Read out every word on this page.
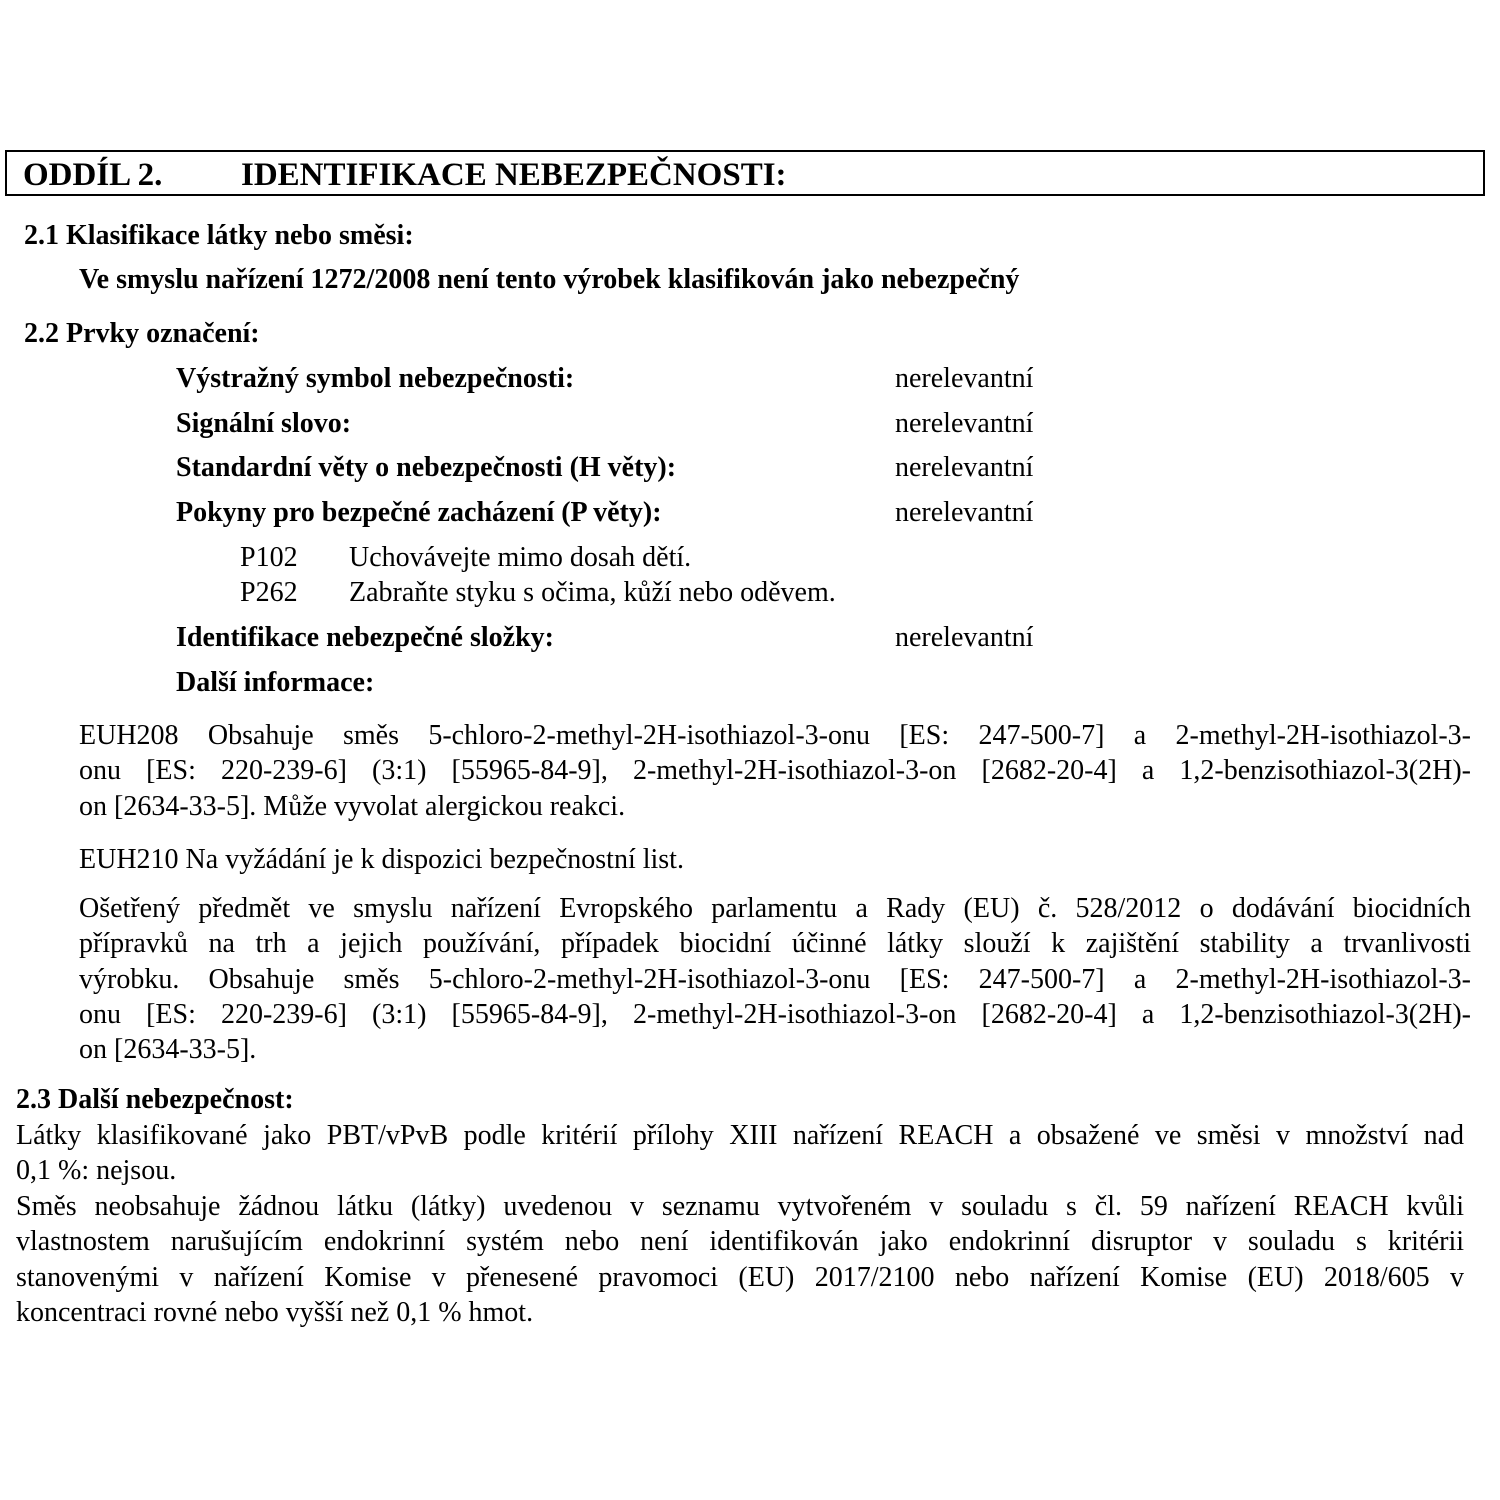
ODDÍL 2. IDENTIFIKACE NEBEZPEČNOSTI:
2.1 Klasifikace látky nebo směsi:
Ve smyslu nařízení 1272/2008 není tento výrobek klasifikován jako nebezpečný
2.2 Prvky označení:
Výstražný symbol nebezpečnosti:	nerelevantní
Signální slovo:	nerelevantní
Standardní věty o nebezpečnosti (H věty):	nerelevantní
Pokyny pro bezpečné zacházení (P věty):	nerelevantní
P102 Uchovávejte mimo dosah dětí.
P262 Zabraňte styku s očima, kůží nebo oděvem.
Identifikace nebezpečné složky:	nerelevantní
Další informace:
EUH208 Obsahuje směs 5-chloro-2-methyl-2H-isothiazol-3-onu [ES: 247-500-7] a 2-methyl-2H-isothiazol-3-
onu [ES: 220-239-6] (3:1) [55965-84-9], 2-methyl-2H-isothiazol-3-on [2682-20-4] a 1,2-benzisothiazol-3(2H)-
on [2634-33-5]. Může vyvolat alergickou reakci.
EUH210 Na vyžádání je k dispozici bezpečnostní list.
Ošetřený předmět ve smyslu nařízení Evropského parlamentu a Rady (EU) č. 528/2012 o dodávání biocidních
přípravků na trh a jejich používání, případek biocidní účinné látky slouží k zajištění stability a trvanlivosti
výrobku. Obsahuje směs 5-chloro-2-methyl-2H-isothiazol-3-onu [ES: 247-500-7] a 2-methyl-2H-isothiazol-3-
onu [ES: 220-239-6] (3:1) [55965-84-9], 2-methyl-2H-isothiazol-3-on [2682-20-4] a 1,2-benzisothiazol-3(2H)-
on [2634-33-5].
2.3 Další nebezpečnost:
Látky klasifikované jako PBT/vPvB podle kritérií přílohy XIII nařízení REACH a obsažené ve směsi v množství nad
0,1 %: nejsou.
Směs neobsahuje žádnou látku (látky) uvedenou v seznamu vytvořeném v souladu s čl. 59 nařízení REACH kvůli
vlastnostem narušujícím endokrinní systém nebo není identifikován jako endokrinní disruptor v souladu s kritérii
stanovenými v nařízení Komise v přenesené pravomoci (EU) 2017/2100 nebo nařízení Komise (EU) 2018/605 v
koncentraci rovné nebo vyšší než 0,1 % hmot.
